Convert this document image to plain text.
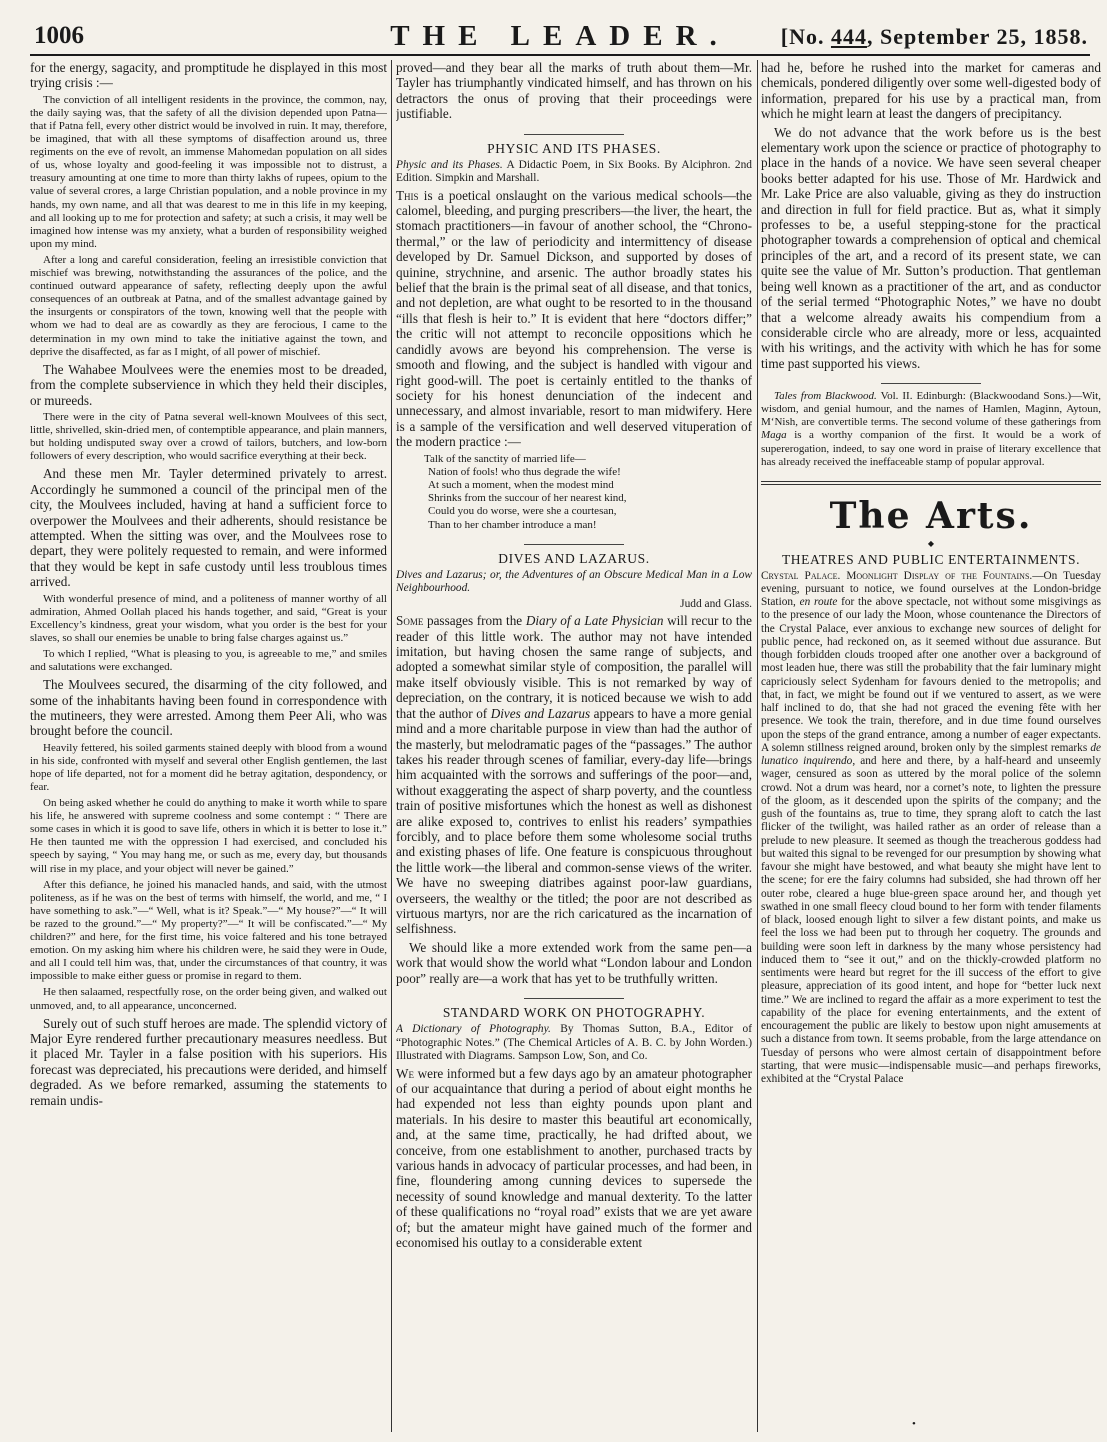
1006	THE LEADER.	[No. 444, September 25, 1858.

for the energy, sagacity, and promptitude he displayed in this most trying crisis :—

The conviction of all intelligent residents in the province, the common, nay, the daily saying was, that the safety of all the division depended upon Patna—that if Patna fell, every other district would be involved in ruin. It may, therefore, be imagined, that with all these symptoms of disaffection around us, three regiments on the eve of revolt, an immense Mahomedan population on all sides of us, whose loyalty and good-feeling it was impossible not to distrust, a treasury amounting at one time to more than thirty lakhs of rupees, opium to the value of several crores, a large Christian population, and a noble province in my hands, my own name, and all that was dearest to me in this life in my keeping, and all looking up to me for protection and safety; at such a crisis, it may well be imagined how intense was my anxiety, what a burden of responsibility weighed upon my mind.

After a long and careful consideration, feeling an irresistible conviction that mischief was brewing, notwithstanding the assurances of the police, and the continued outward appearance of safety, reflecting deeply upon the awful consequences of an outbreak at Patna, and of the smallest advantage gained by the insurgents or conspirators of the town, knowing well that the people with whom we had to deal are as cowardly as they are ferocious, I came to the determination in my own mind to take the initiative against the town, and deprive the disaffected, as far as I might, of all power of mischief.

The Wahabee Moulvees were the enemies most to be dreaded, from the complete subservience in which they held their disciples, or mureeds.

There were in the city of Patna several well-known Moulvees of this sect, little, shrivelled, skin-dried men, of contemptible appearance, and plain manners, but holding undisputed sway over a crowd of tailors, butchers, and low-born followers of every description, who would sacrifice everything at their beck.

And these men Mr. Tayler determined privately to arrest. Accordingly he summoned a council of the principal men of the city, the Moulvees included, having at hand a sufficient force to overpower the Moulvees and their adherents, should resistance be attempted. When the sitting was over, and the Moulvees rose to depart, they were politely requested to remain, and were informed that they would be kept in safe custody until less troublous times arrived.

With wonderful presence of mind, and a politeness of manner worthy of all admiration, Ahmed Oollah placed his hands together, and said, “Great is your Excellency’s kindness, great your wisdom, what you order is the best for your slaves, so shall our enemies be unable to bring false charges against us.”

To which I replied, “What is pleasing to you, is agreeable to me,” and smiles and salutations were exchanged.

The Moulvees secured, the disarming of the city followed, and some of the inhabitants having been found in correspondence with the mutineers, they were arrested. Among them Peer Ali, who was brought before the council.

Heavily fettered, his soiled garments stained deeply with blood from a wound in his side, confronted with myself and several other English gentlemen, the last hope of life departed, not for a moment did he betray agitation, despondency, or fear.

On being asked whether he could do anything to make it worth while to spare his life, he answered with supreme coolness and some contempt : “ There are some cases in which it is good to save life, others in which it is better to lose it.” He then taunted me with the oppression I had exercised, and concluded his speech by saying, “ You may hang me, or such as me, every day, but thousands will rise in my place, and your object will never be gained.”

After this defiance, he joined his manacled hands, and said, with the utmost politeness, as if he was on the best of terms with himself, the world, and me, “ I have something to ask.”—“ Well, what is it? Speak.”—“ My house?”—“ It will be razed to the ground.”—“ My property?”—“ It will be confiscated.”—“ My children?” and here, for the first time, his voice faltered and his tone betrayed emotion. On my asking him where his children were, he said they were in Oude, and all I could tell him was, that, under the circumstances of that country, it was impossible to make either guess or promise in regard to them.

He then salaamed, respectfully rose, on the order being given, and walked out unmoved, and, to all appearance, unconcerned.

Surely out of such stuff heroes are made. The splendid victory of Major Eyre rendered further precautionary measures needless. But it placed Mr. Tayler in a false position with his superiors. His forecast was depreciated, his precautions were derided, and himself degraded. As we before remarked, assuming the statements to remain undis-

proved—and they bear all the marks of truth about them—Mr. Tayler has triumphantly vindicated himself, and has thrown on his detractors the onus of proving that their proceedings were justifiable.

PHYSIC AND ITS PHASES.

Physic and its Phases. A Didactic Poem, in Six Books. By Alciphron. 2nd Edition. Simpkin and Marshall.

This is a poetical onslaught on the various medical schools—the calomel, bleeding, and purging prescribers—the liver, the heart, the stomach practitioners—in favour of another school, the “Chrono-thermal,” or the law of periodicity and intermittency of disease developed by Dr. Samuel Dickson, and supported by doses of quinine, strychnine, and arsenic. The author broadly states his belief that the brain is the primal seat of all disease, and that tonics, and not depletion, are what ought to be resorted to in the thousand “ills that flesh is heir to.” It is evident that here “doctors differ;” the critic will not attempt to reconcile oppositions which he candidly avows are beyond his comprehension. The verse is smooth and flowing, and the subject is handled with vigour and right good-will. The poet is certainly entitled to the thanks of society for his honest denunciation of the indecent and unnecessary, and almost invariable, resort to man midwifery. Here is a sample of the versification and well deserved vituperation of the modern practice :—

Talk of the sanctity of married life—
Nation of fools! who thus degrade the wife!
At such a moment, when the modest mind
Shrinks from the succour of her nearest kind,
Could you do worse, were she a courtesan,
Than to her chamber introduce a man!
DIVES AND LAZARUS.

Dives and Lazarus; or, the Adventures of an Obscure Medical Man in a Low Neighbourhood.

Judd and Glass.

Some passages from the Diary of a Late Physician will recur to the reader of this little work. The author may not have intended imitation, but having chosen the same range of subjects, and adopted a somewhat similar style of composition, the parallel will make itself obviously visible. This is not remarked by way of depreciation, on the contrary, it is noticed because we wish to add that the author of Dives and Lazarus appears to have a more genial mind and a more charitable purpose in view than had the author of the masterly, but melodramatic pages of the “passages.” The author takes his reader through scenes of familiar, every-day life—brings him acquainted with the sorrows and sufferings of the poor—and, without exaggerating the aspect of sharp poverty, and the countless train of positive misfortunes which the honest as well as dishonest are alike exposed to, contrives to enlist his readers’ sympathies forcibly, and to place before them some wholesome social truths and existing phases of life. One feature is conspicuous throughout the little work—the liberal and common-sense views of the writer. We have no sweeping diatribes against poor-law guardians, overseers, the wealthy or the titled; the poor are not described as virtuous martyrs, nor are the rich caricatured as the incarnation of selfishness.

We should like a more extended work from the same pen—a work that would show the world what “London labour and London poor” really are—a work that has yet to be truthfully written.

STANDARD WORK ON PHOTOGRAPHY.

A Dictionary of Photography. By Thomas Sutton, B.A., Editor of “Photographic Notes.” (The Chemical Articles of A. B. C. by John Worden.) Illustrated with Diagrams. Sampson Low, Son, and Co.

We were informed but a few days ago by an amateur photographer of our acquaintance that during a period of about eight months he had expended not less than eighty pounds upon plant and materials. In his desire to master this beautiful art economically, and, at the same time, practically, he had drifted about, we conceive, from one establishment to another, purchased tracts by various hands in advocacy of particular processes, and had been, in fine, floundering among cunning devices to supersede the necessity of sound knowledge and manual dexterity. To the latter of these qualifications no “royal road” exists that we are yet aware of; but the amateur might have gained much of the former and economised his outlay to a considerable extent

had he, before he rushed into the market for cameras and chemicals, pondered diligently over some well-digested body of information, prepared for his use by a practical man, from which he might learn at least the dangers of precipitancy.

We do not advance that the work before us is the best elementary work upon the science or practice of photography to place in the hands of a novice. We have seen several cheaper books better adapted for his use. Those of Mr. Hardwick and Mr. Lake Price are also valuable, giving as they do instruction and direction in full for field practice. But as, what it simply professes to be, a useful stepping-stone for the practical photographer towards a comprehension of optical and chemical principles of the art, and a record of its present state, we can quite see the value of Mr. Sutton’s production. That gentleman being well known as a practitioner of the art, and as conductor of the serial termed “Photographic Notes,” we have no doubt that a welcome already awaits his compendium from a considerable circle who are already, more or less, acquainted with his writings, and the activity with which he has for some time past supported his views.

Tales from Blackwood. Vol. II. Edinburgh: (Blackwoodand Sons.)—Wit, wisdom, and genial humour, and the names of Hamlen, Maginn, Aytoun, M‘Nish, are convertible terms. The second volume of these gatherings from Maga is a worthy companion of the first. It would be a work of supererogation, indeed, to say one word in praise of literary excellence that has already received the ineffaceable stamp of popular approval.

The Arts.
◆
THEATRES AND PUBLIC ENTERTAINMENTS.

Crystal Palace. Moonlight Display of the Fountains.—On Tuesday evening, pursuant to notice, we found ourselves at the London-bridge Station, en route for the above spectacle, not without some misgivings as to the presence of our lady the Moon, whose countenance the Directors of the Crystal Palace, ever anxious to exchange new sources of delight for public pence, had reckoned on, as it seemed without due assurance. But though forbidden clouds trooped after one another over a background of most leaden hue, there was still the probability that the fair luminary might capriciously select Sydenham for favours denied to the metropolis; and that, in fact, we might be found out if we ventured to assert, as we were half inclined to do, that she had not graced the evening fête with her presence. We took the train, therefore, and in due time found ourselves upon the steps of the grand entrance, among a number of eager expectants. A solemn stillness reigned around, broken only by the simplest remarks de lunatico inquirendo, and here and there, by a half-heard and unseemly wager, censured as soon as uttered by the moral police of the solemn crowd. Not a drum was heard, nor a cornet’s note, to lighten the pressure of the gloom, as it descended upon the spirits of the company; and the gush of the fountains as, true to time, they sprang aloft to catch the last flicker of the twilight, was hailed rather as an order of release than a prelude to new pleasure. It seemed as though the treacherous goddess had but waited this signal to be revenged for our presumption by showing what favour she might have bestowed, and what beauty she might have lent to the scene; for ere the fairy columns had subsided, she had thrown off her outer robe, cleared a huge blue-green space around her, and though yet swathed in one small fleecy cloud bound to her form with tender filaments of black, loosed enough light to silver a few distant points, and make us feel the loss we had been put to through her coquetry. The grounds and building were soon left in darkness by the many whose persistency had induced them to “see it out,” and on the thickly-crowded platform no sentiments were heard but regret for the ill success of the effort to give pleasure, appreciation of its good intent, and hope for “better luck next time.” We are inclined to regard the affair as a more experiment to test the capability of the place for evening entertainments, and the extent of encouragement the public are likely to bestow upon night amusements at such a distance from town. It seems probable, from the large attendance on Tuesday of persons who were almost certain of disappointment before starting, that were music—indispensable music—and perhaps fireworks, exhibited at the “Crystal Palace

•
